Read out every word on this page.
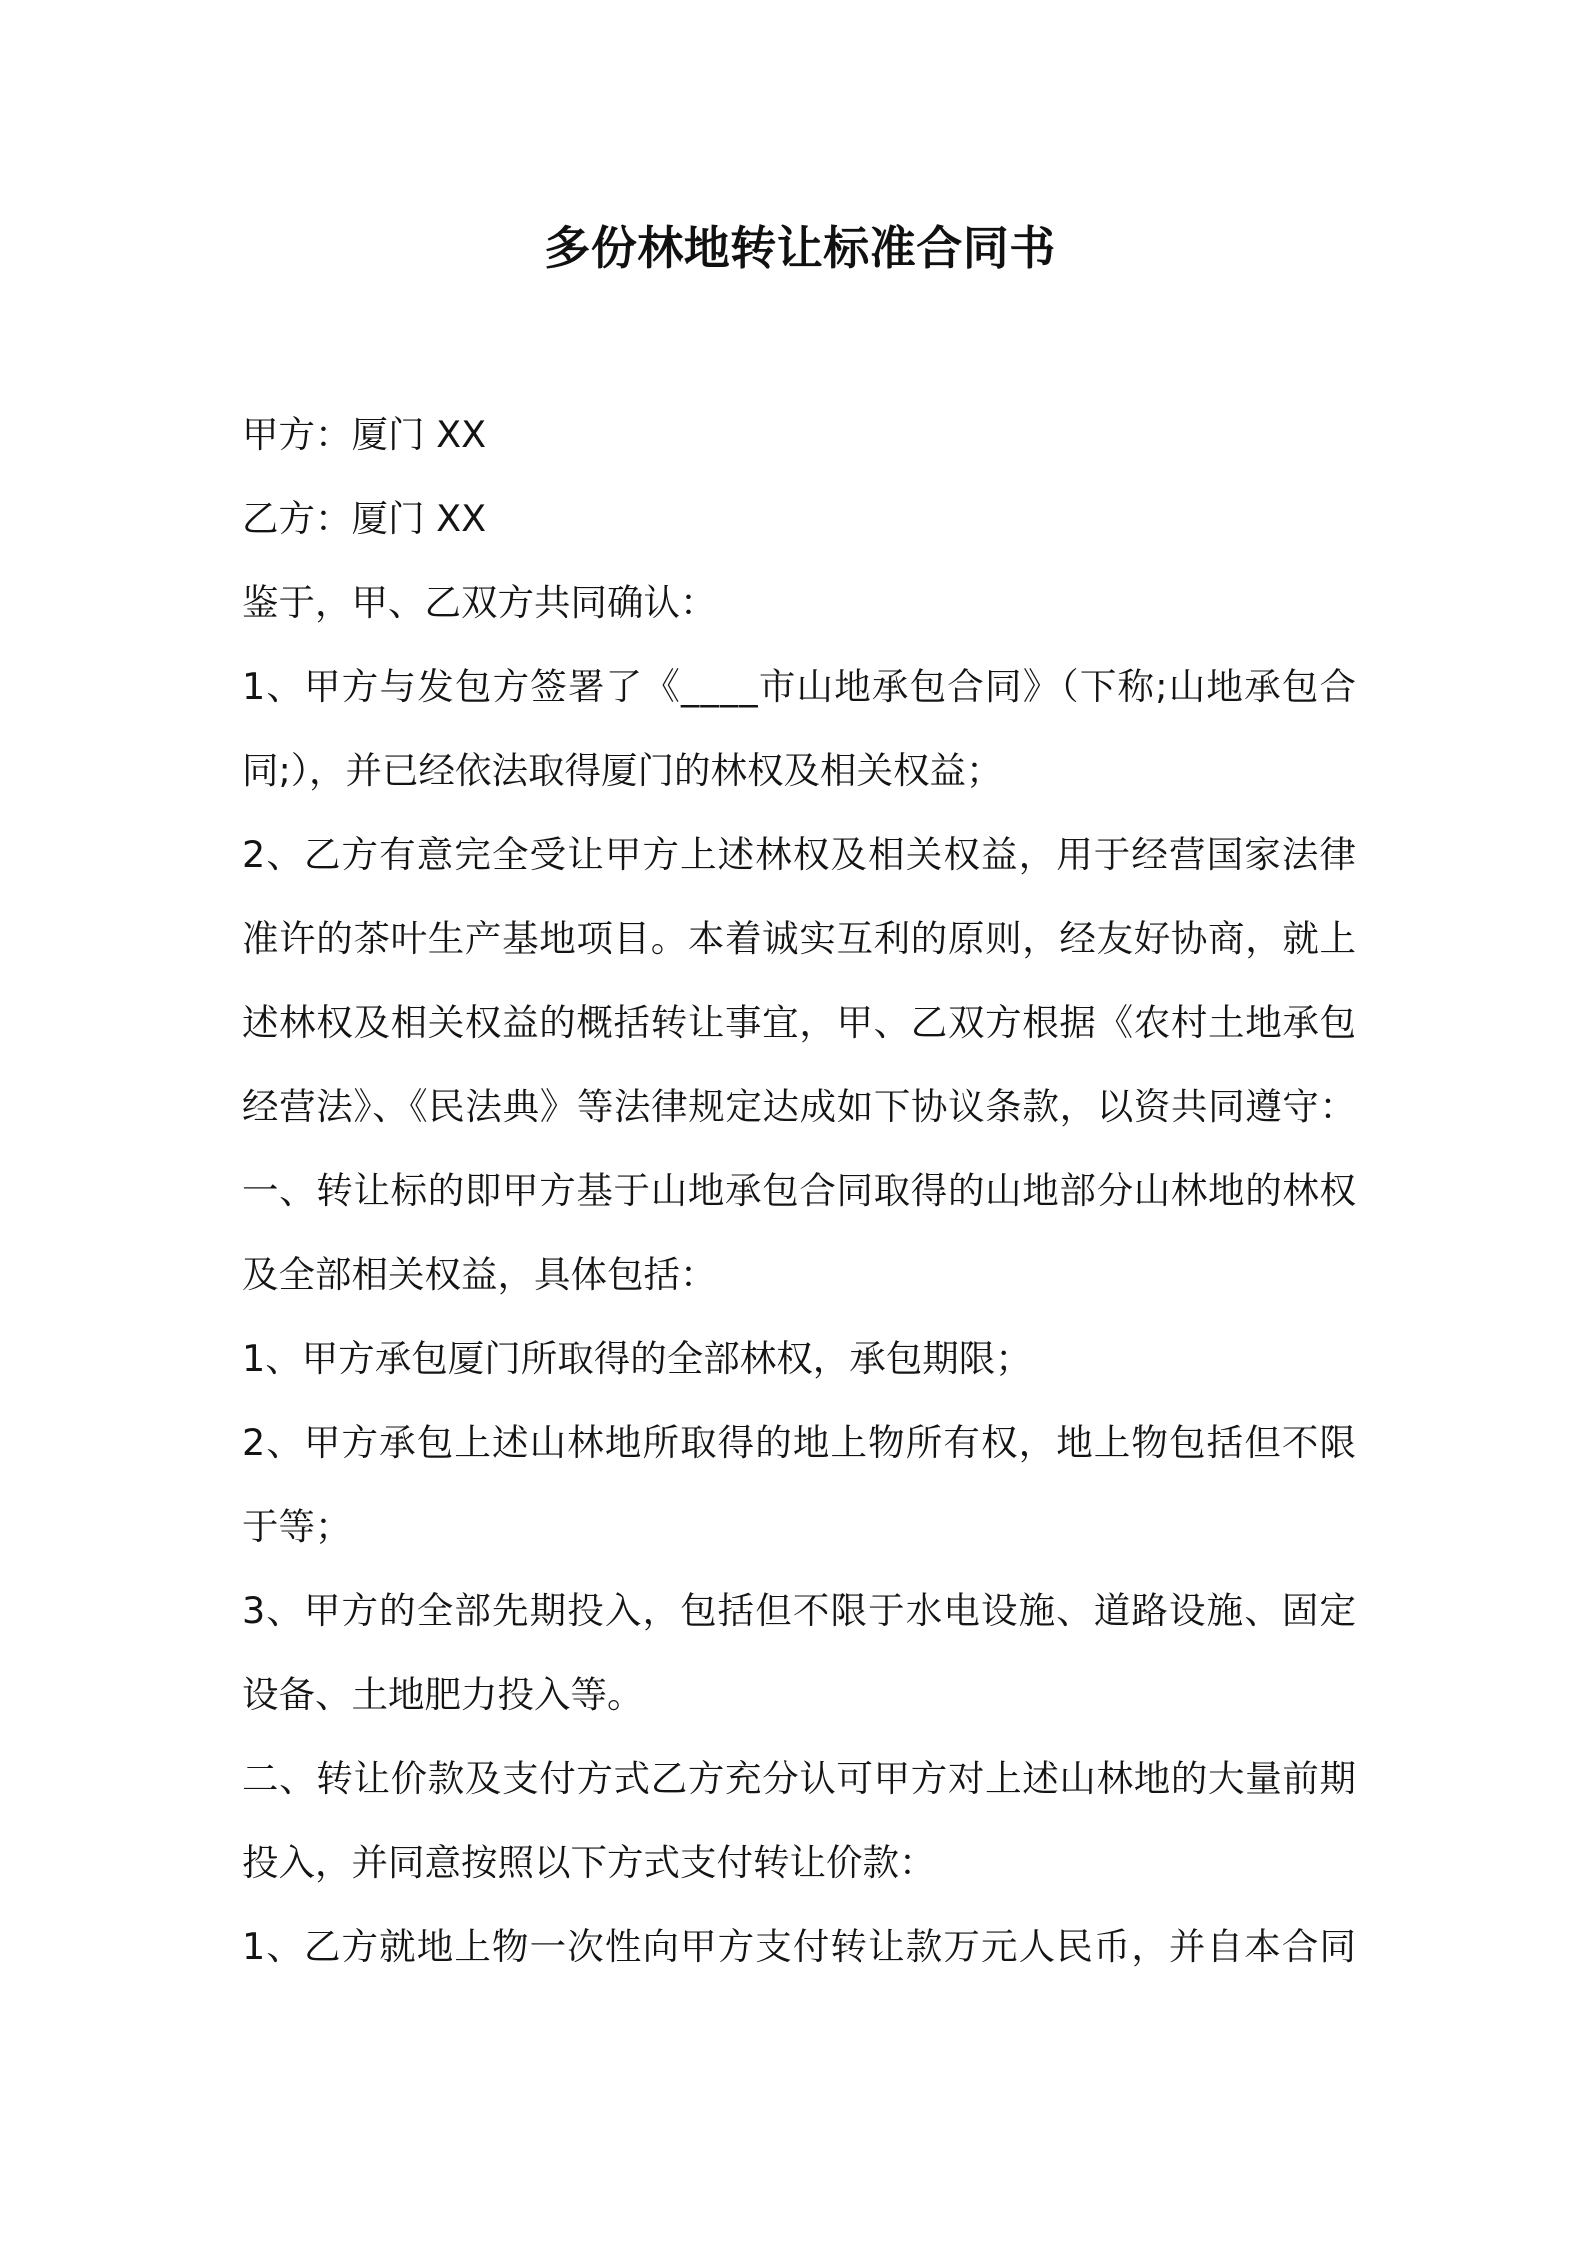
多份林地转让标准合同书
甲方：厦门 XX
乙方：厦门 XX
鉴于，甲、乙双方共同确认：
1、甲方与发包方签署了《____市山地承包合同》（下称;山地承包合
同;），并已经依法取得厦门的林权及相关权益；
2、乙方有意完全受让甲方上述林权及相关权益，用于经营国家法律
准许的茶叶生产基地项目。本着诚实互利的原则，经友好协商，就上
述林权及相关权益的概括转让事宜，甲、乙双方根据《农村土地承包
经营法》、《民法典》等法律规定达成如下协议条款，以资共同遵守：
一、转让标的即甲方基于山地承包合同取得的山地部分山林地的林权
及全部相关权益，具体包括：
1、甲方承包厦门所取得的全部林权，承包期限；
2、甲方承包上述山林地所取得的地上物所有权，地上物包括但不限
于等；
3、甲方的全部先期投入，包括但不限于水电设施、道路设施、固定
设备、土地肥力投入等。
二、转让价款及支付方式乙方充分认可甲方对上述山林地的大量前期
投入，并同意按照以下方式支付转让价款：
1、乙方就地上物一次性向甲方支付转让款万元人民币，并自本合同
